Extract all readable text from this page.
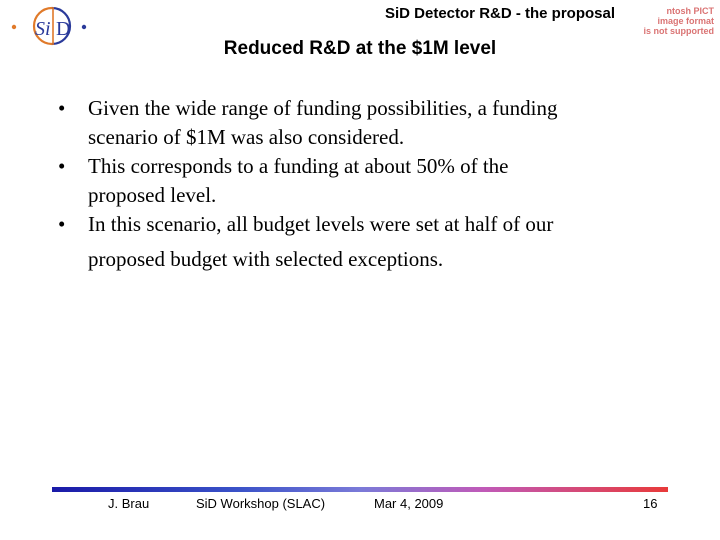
Si D
SiD Detector R&D - the proposal	ntosh PICT
image format
is not supported
Reduced R&D at the $1M level
• Given the wide range of funding possibilities, a funding
scenario of $1M was also considered.
• This corresponds to a funding at about 50% of the
proposed level.
• In this scenario, all budget levels were set at half of our
proposed budget with selected exceptions.
J. Brau	SiD Workshop (SLAC)	Mar 4, 2009	16
